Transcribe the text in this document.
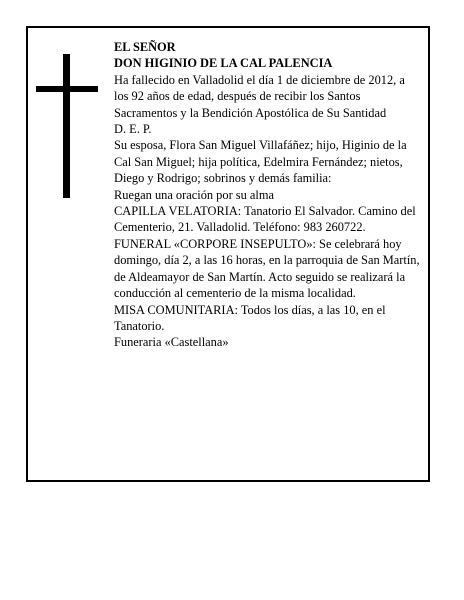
EL SEÑOR

DON HIGINIO DE LA CAL PALENCIA

Ha fallecido en Valladolid el día 1 de diciembre de 2012, a los 92 años de edad, después de recibir los Santos Sacramentos y la Bendición Apostólica de Su Santidad

D. E. P.

Su esposa, Flora San Miguel Villafáñez; hijo, Higinio de la Cal San Miguel; hija política, Edelmira Fernández; nietos, Diego y Rodrigo; sobrinos y demás familia:

Ruegan una oración por su alma

CAPILLA VELATORIA: Tanatorio El Salvador. Camino del Cementerio, 21. Valladolid. Teléfono: 983 260722.

FUNERAL «CORPORE INSEPULTO»: Se celebrará hoy domingo, día 2, a las 16 horas, en la parroquia de San Martín, de Aldeamayor de San Martín. Acto seguido se realizará la conducción al cementerio de la misma localidad.

MISA COMUNITARIA: Todos los días, a las 10, en el Tanatorio.

Funeraria «Castellana»
